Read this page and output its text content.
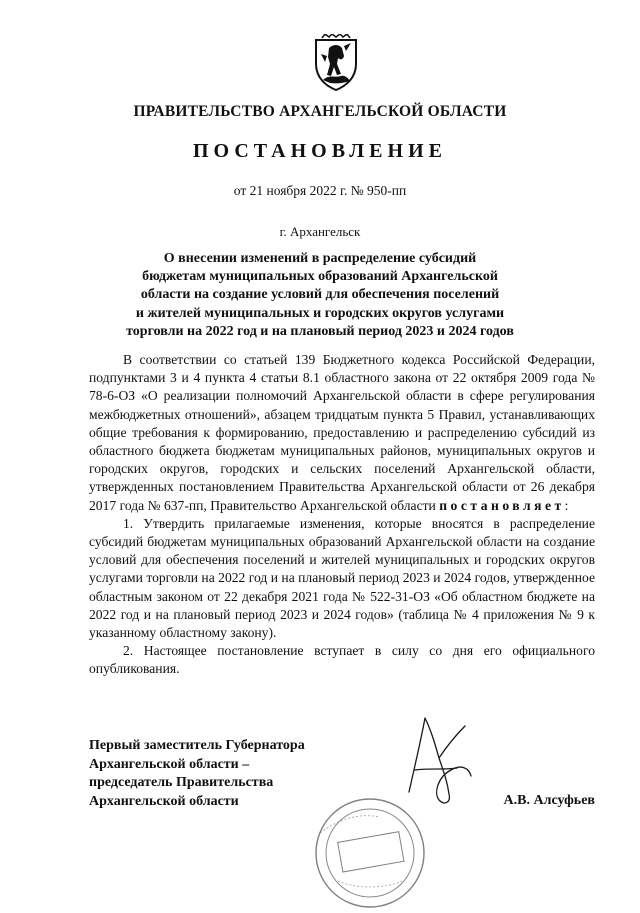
ПРАВИТЕЛЬСТВО АРХАНГЕЛЬСКОЙ ОБЛАСТИ
ПОСТАНОВЛЕНИЕ
от 21 ноября 2022 г. № 950-пп
г. Архангельск
О внесении изменений в распределение субсидий
бюджетам муниципальных образований Архангельской
области на создание условий для обеспечения поселений
и жителей муниципальных и городских округов услугами
торговли на 2022 год и на плановый период 2023 и 2024 годов

В соответствии со статьей 139 Бюджетного кодекса Российской Федерации, подпунктами 3 и 4 пункта 4 статьи 8.1 областного закона от 22 октября 2009 года № 78-6-ОЗ «О реализации полномочий Архангельской области в сфере регулирования межбюджетных отношений», абзацем тридцатым пункта 5 Правил, устанавливающих общие требования к формированию, предоставлению и распределению субсидий из областного бюджета бюджетам муниципальных районов, муниципальных округов и городских округов, городских и сельских поселений Архангельской области, утвержденных постановлением Правительства Архангельской области от 26 декабря 2017 года № 637-пп, Правительство Архангельской области постановляет:

1. Утвердить прилагаемые изменения, которые вносятся в распределение субсидий бюджетам муниципальных образований Архангельской области на создание условий для обеспечения поселений и жителей муниципальных и городских округов услугами торговли на 2022 год и на плановый период 2023 и 2024 годов, утвержденное областным законом от 22 декабря 2021 года № 522-31-ОЗ «Об областном бюджете на 2022 год и на плановый период 2023 и 2024 годов» (таблица № 4 приложения № 9 к указанному областному закону).

2. Настоящее постановление вступает в силу со дня его официального опубликования.

Первый заместитель Губернатора
Архангельской области –
председатель Правительства
Архангельской области	А.В. Алсуфьев
